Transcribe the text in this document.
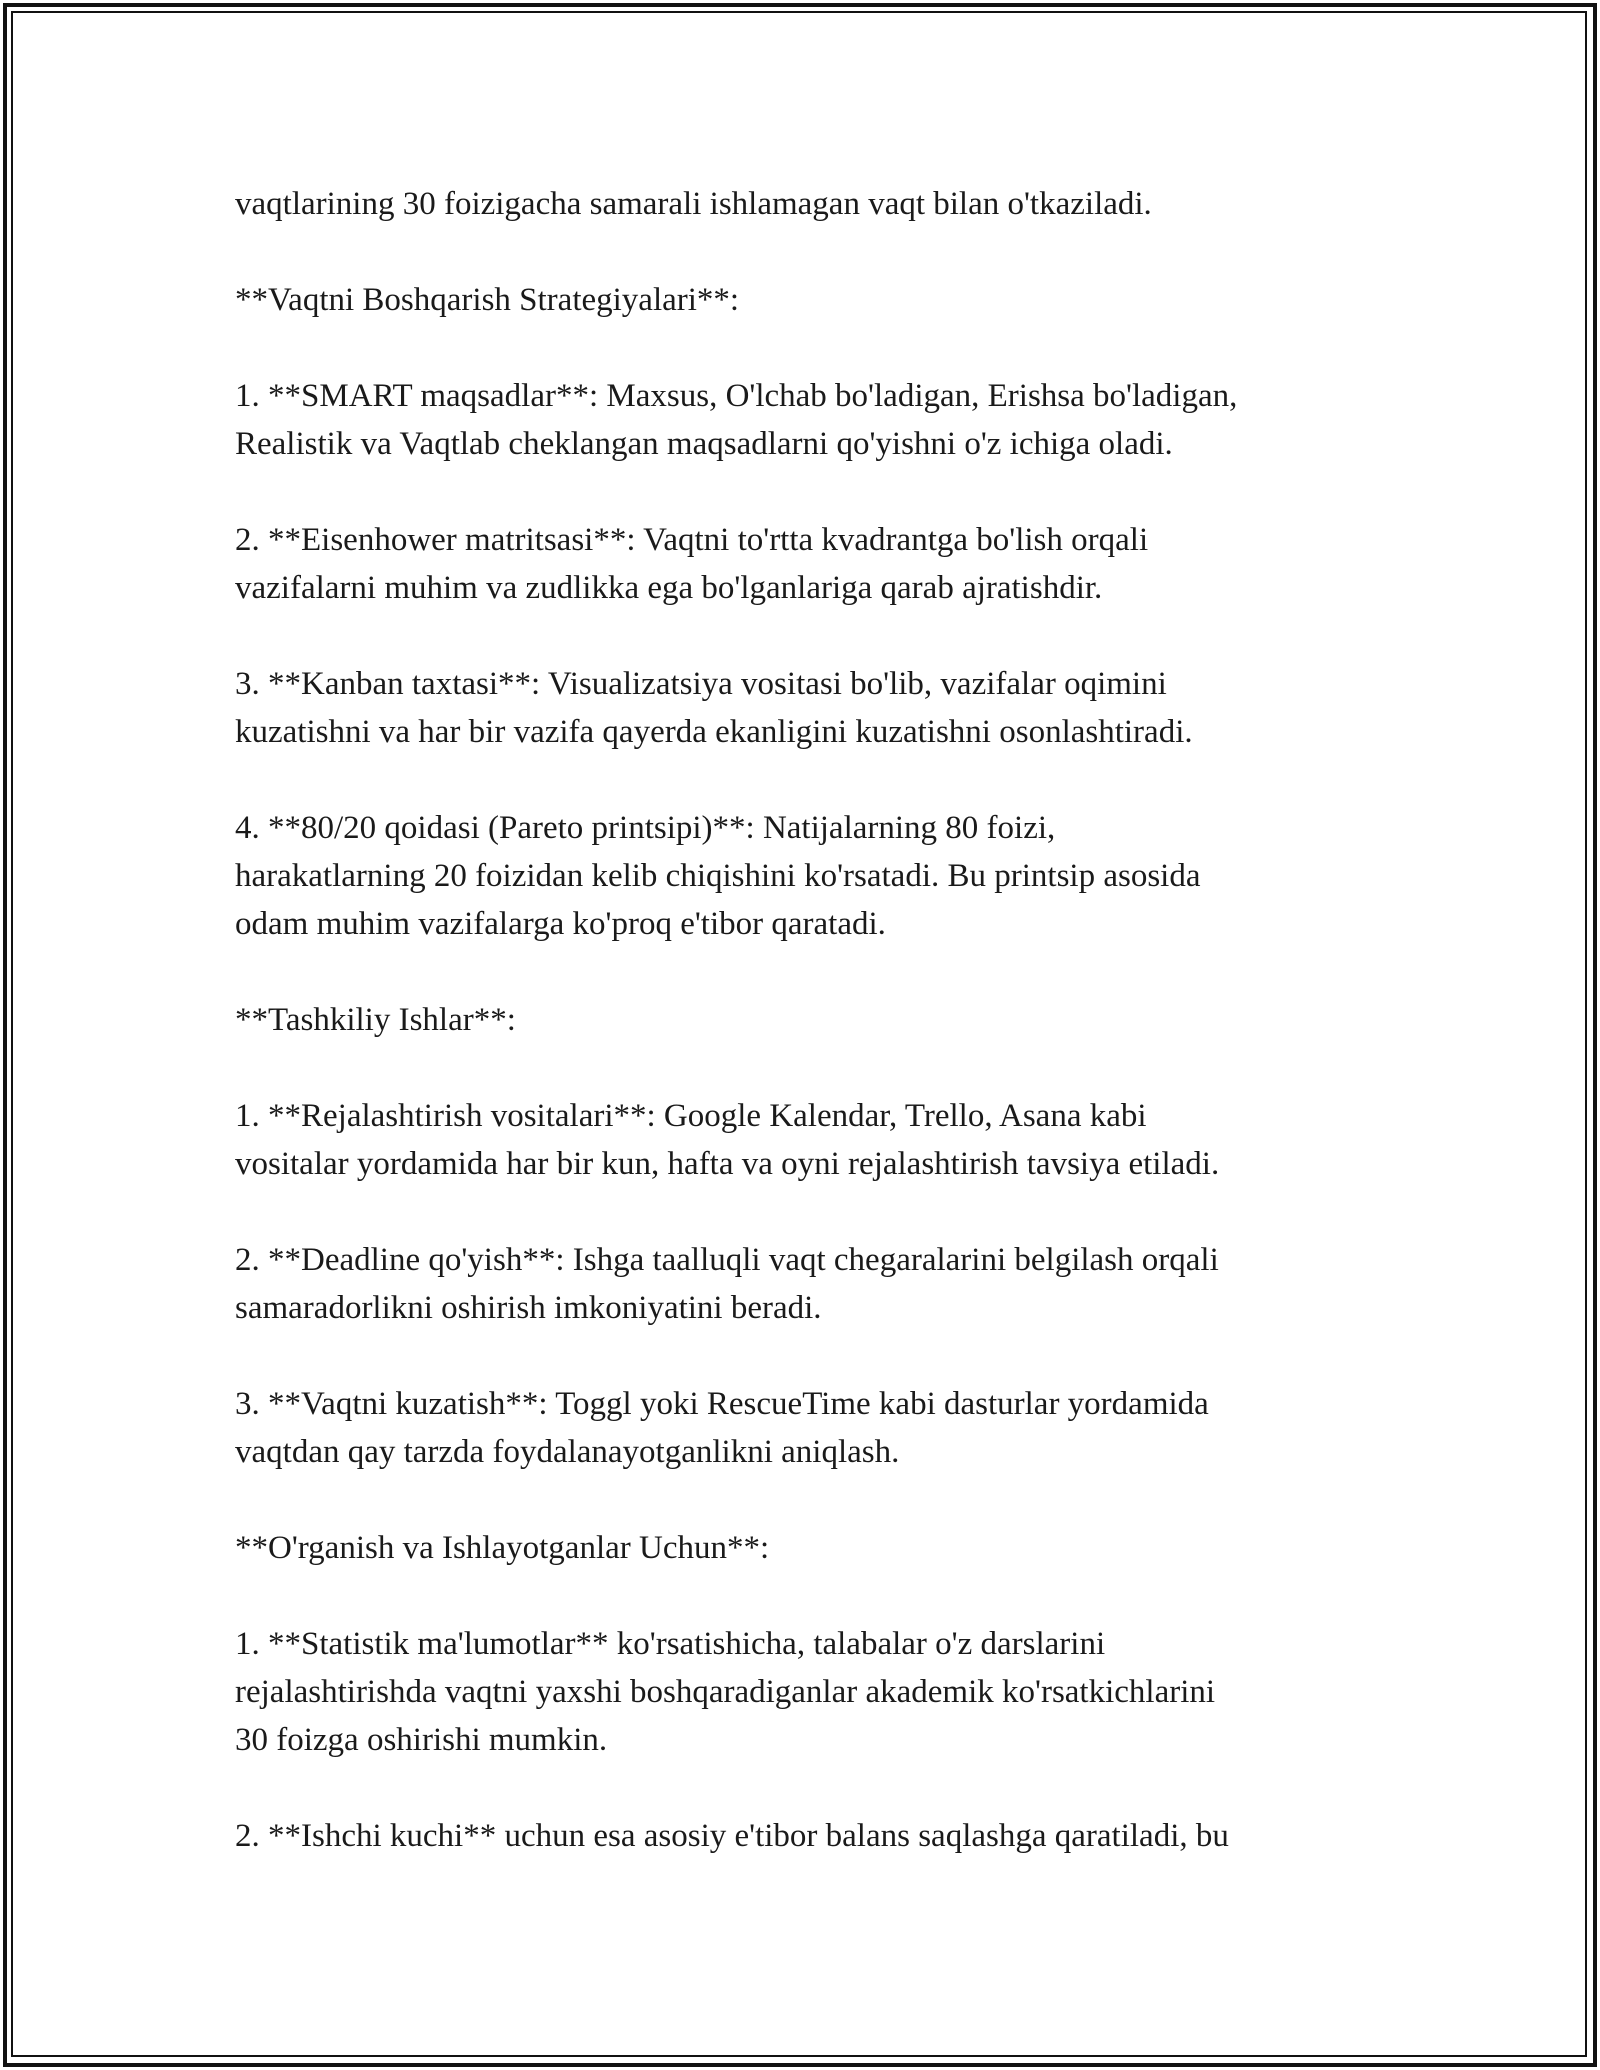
vaqtlarining 30 foizigacha samarali ishlamagan vaqt bilan o'tkaziladi.

**Vaqtni Boshqarish Strategiyalari**:

1. **SMART maqsadlar**: Maxsus, O'lchab bo'ladigan, Erishsa bo'ladigan,
Realistik va Vaqtlab cheklangan maqsadlarni qo'yishni o'z ichiga oladi.

2. **Eisenhower matritsasi**: Vaqtni to'rtta kvadrantga bo'lish orqali
vazifalarni muhim va zudlikka ega bo'lganlariga qarab ajratishdir.

3. **Kanban taxtasi**: Visualizatsiya vositasi bo'lib, vazifalar oqimini
kuzatishni va har bir vazifa qayerda ekanligini kuzatishni osonlashtiradi.

4. **80/20 qoidasi (Pareto printsipi)**: Natijalarning 80 foizi,
harakatlarning 20 foizidan kelib chiqishini ko'rsatadi. Bu printsip asosida
odam muhim vazifalarga ko'proq e'tibor qaratadi.

**Tashkiliy Ishlar**:

1. **Rejalashtirish vositalari**: Google Kalendar, Trello, Asana kabi
vositalar yordamida har bir kun, hafta va oyni rejalashtirish tavsiya etiladi.

2. **Deadline qo'yish**: Ishga taalluqli vaqt chegaralarini belgilash orqali
samaradorlikni oshirish imkoniyatini beradi.

3. **Vaqtni kuzatish**: Toggl yoki RescueTime kabi dasturlar yordamida
vaqtdan qay tarzda foydalanayotganlikni aniqlash.

**O'rganish va Ishlayotganlar Uchun**:

1. **Statistik ma'lumotlar** ko'rsatishicha, talabalar o'z darslarini
rejalashtirishda vaqtni yaxshi boshqaradiganlar akademik ko'rsatkichlarini
30 foizga oshirishi mumkin.

2. **Ishchi kuchi** uchun esa asosiy e'tibor balans saqlashga qaratiladi, bu
